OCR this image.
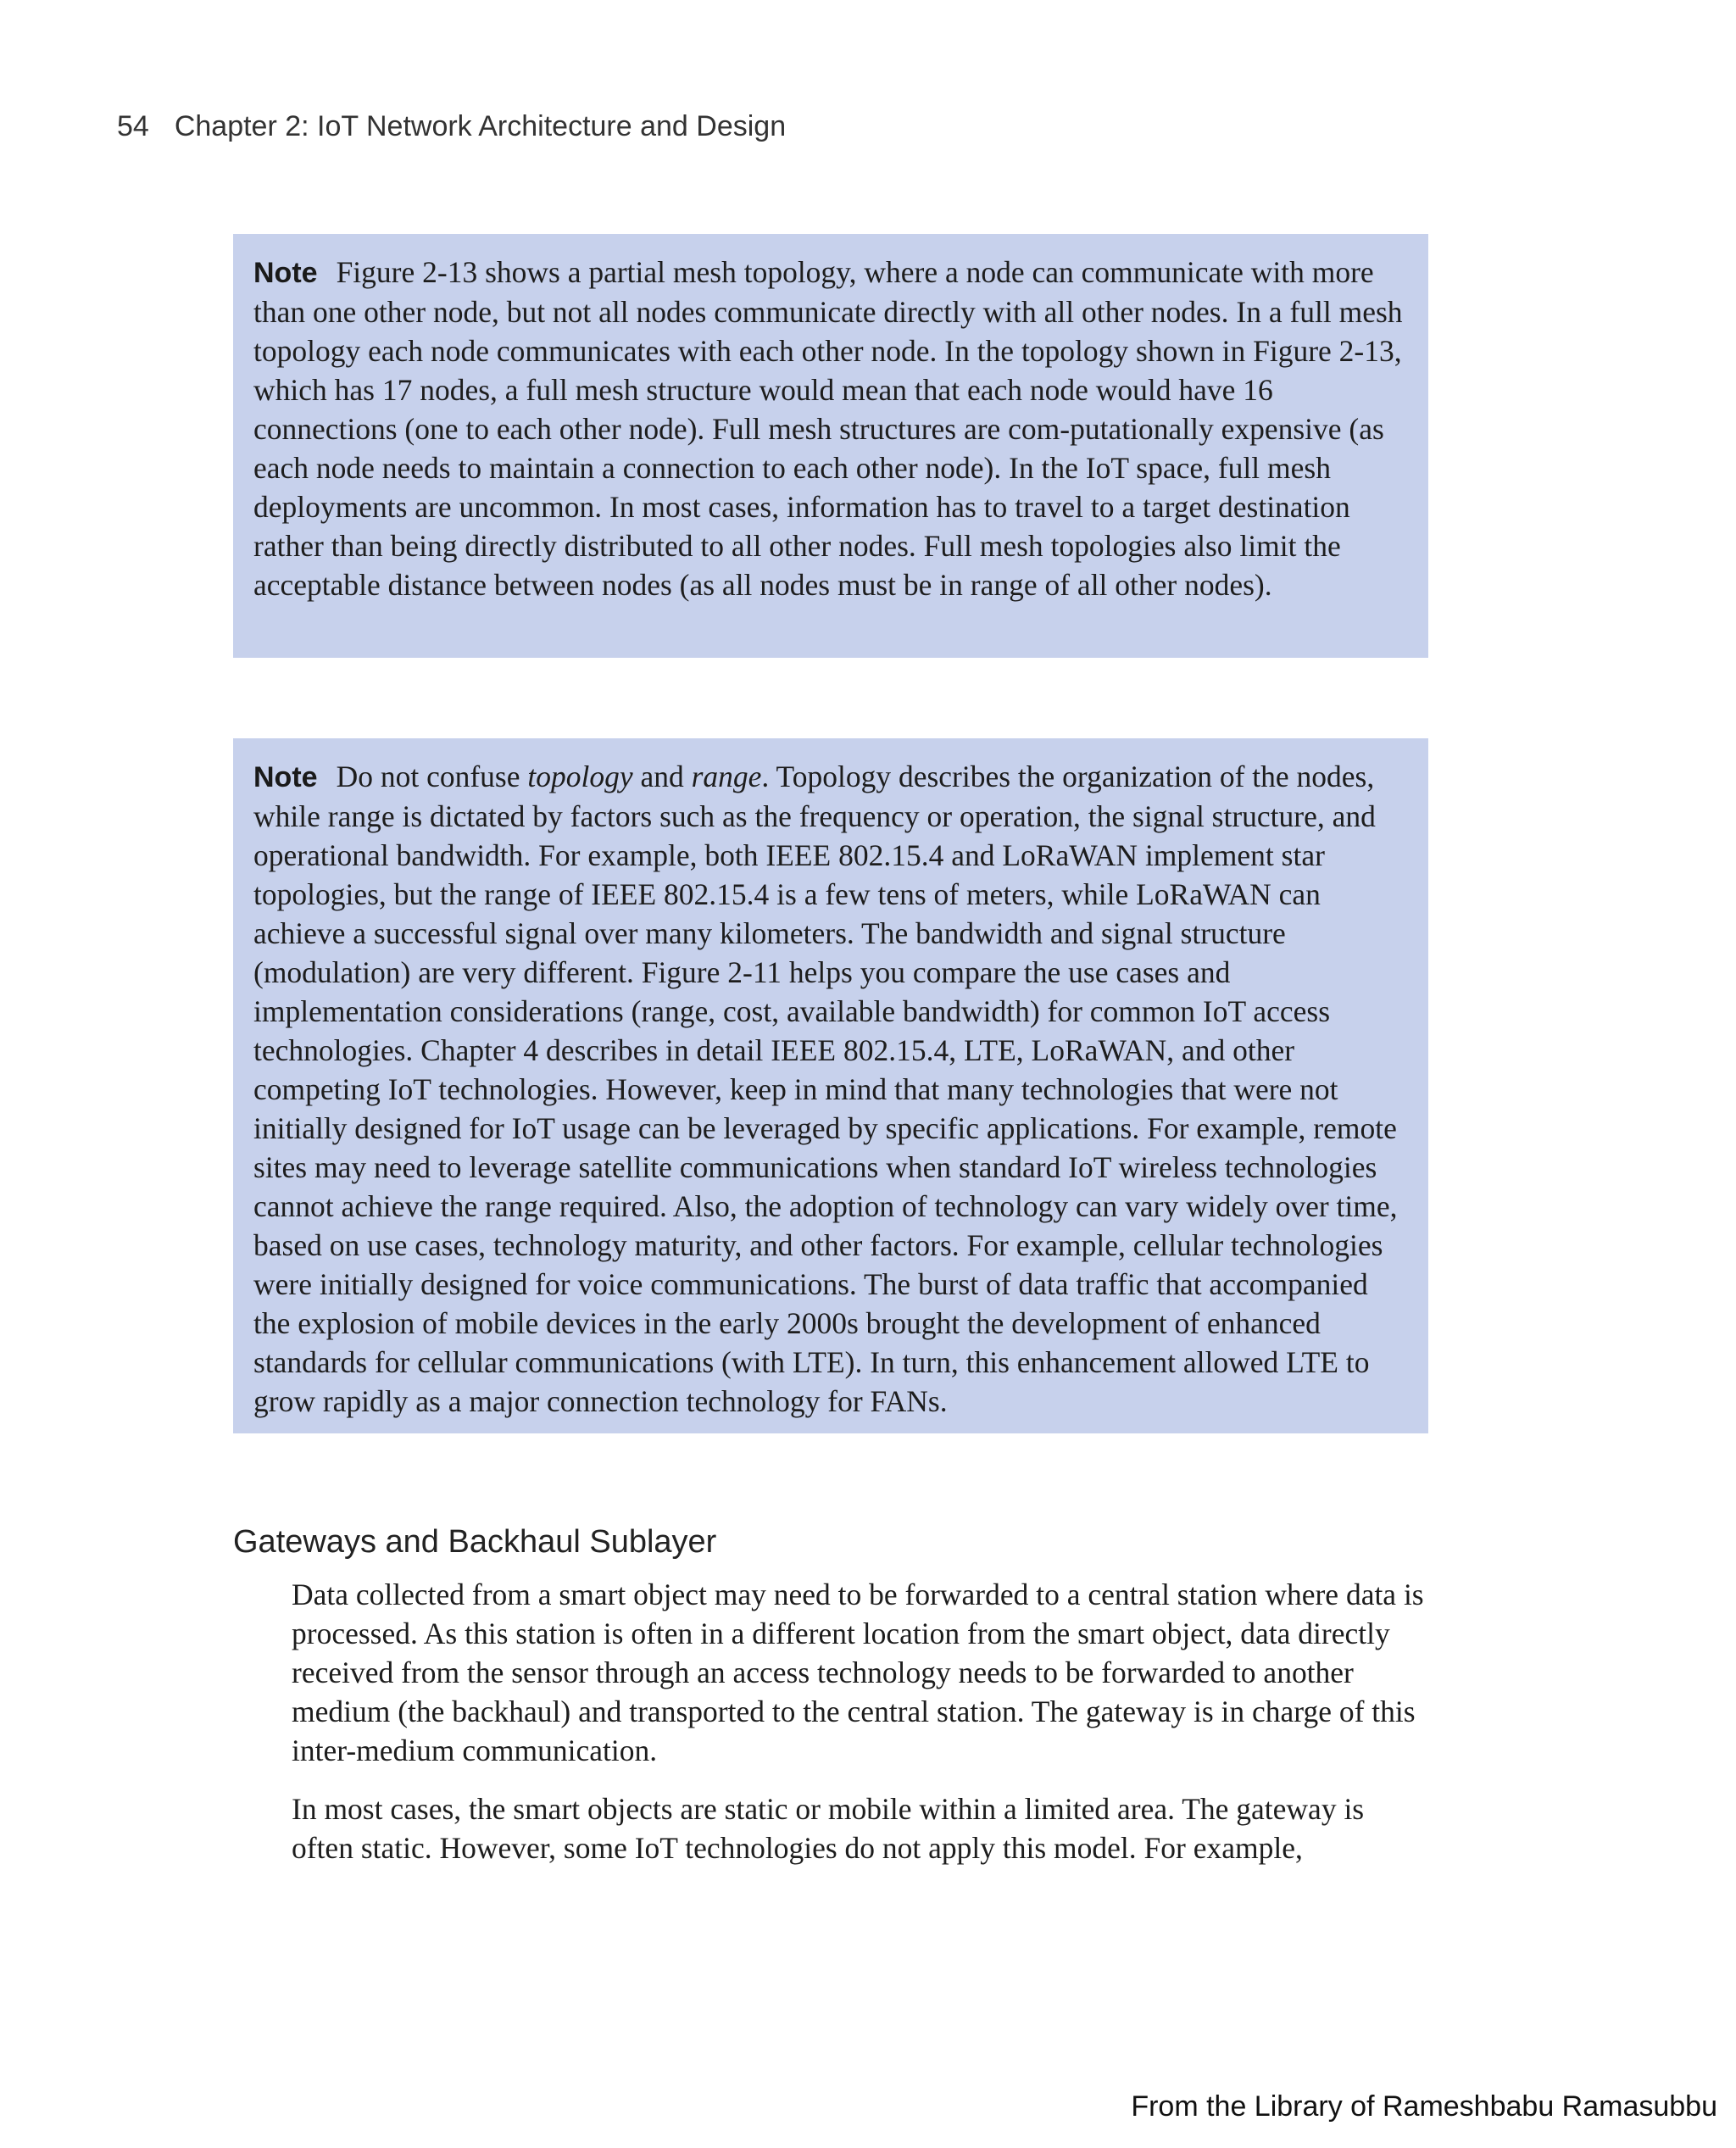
54 Chapter 2: IoT Network Architecture and Design
Note Figure 2-13 shows a partial mesh topology, where a node can communicate with more than one other node, but not all nodes communicate directly with all other nodes. In a full mesh topology each node communicates with each other node. In the topology shown in Figure 2-13, which has 17 nodes, a full mesh structure would mean that each node would have 16 connections (one to each other node). Full mesh structures are com-putationally expensive (as each node needs to maintain a connection to each other node). In the IoT space, full mesh deployments are uncommon. In most cases, information has to travel to a target destination rather than being directly distributed to all other nodes. Full mesh topologies also limit the acceptable distance between nodes (as all nodes must be in range of all other nodes).
Note Do not confuse topology and range. Topology describes the organization of the nodes, while range is dictated by factors such as the frequency or operation, the signal structure, and operational bandwidth. For example, both IEEE 802.15.4 and LoRaWAN implement star topologies, but the range of IEEE 802.15.4 is a few tens of meters, while LoRaWAN can achieve a successful signal over many kilometers. The bandwidth and signal structure (modulation) are very different. Figure 2-11 helps you compare the use cases and implementation considerations (range, cost, available bandwidth) for common IoT access technologies. Chapter 4 describes in detail IEEE 802.15.4, LTE, LoRaWAN, and other competing IoT technologies. However, keep in mind that many technologies that were not initially designed for IoT usage can be leveraged by specific applications. For example, remote sites may need to leverage satellite communications when standard IoT wireless technologies cannot achieve the range required. Also, the adoption of technology can vary widely over time, based on use cases, technology maturity, and other factors. For example, cellular technologies were initially designed for voice communications. The burst of data traffic that accompanied the explosion of mobile devices in the early 2000s brought the development of enhanced standards for cellular communications (with LTE). In turn, this enhancement allowed LTE to grow rapidly as a major connection technology for FANs.
Gateways and Backhaul Sublayer

Data collected from a smart object may need to be forwarded to a central station where data is processed. As this station is often in a different location from the smart object, data directly received from the sensor through an access technology needs to be forwarded to another medium (the backhaul) and transported to the central station. The gateway is in charge of this inter-medium communication.

In most cases, the smart objects are static or mobile within a limited area. The gateway is often static. However, some IoT technologies do not apply this model. For example,

From the Library of Rameshbabu Ramasubbu
